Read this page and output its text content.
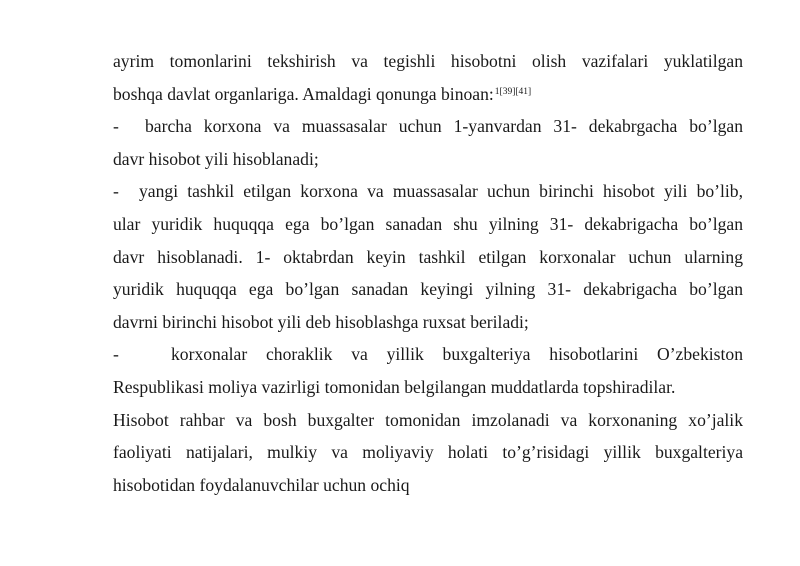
ayrim tomonlarini tekshirish va tegishli hisobotni olish vazifalari yuklatilgan
boshqa davlat organlariga. Amaldagi qonunga binoan:$^{1[39][41]}$
- barcha korxona va muassasalar uchun 1-yanvardan 31- dekabrgacha bo’lgan
davr hisobot yili hisoblanadi;
- yangi tashkil etilgan korxona va muassasalar uchun birinchi hisobot yili bo’lib,
ular yuridik huquqqa ega bo’lgan sanadan shu yilning 31- dekabrigacha bo’lgan
davr hisoblanadi. 1- oktabrdan keyin tashkil etilgan korxonalar uchun ularning
yuridik huquqqa ega bo’lgan sanadan keyingi yilning 31- dekabrigacha bo’lgan
davrni birinchi hisobot yili deb hisoblashga ruxsat beriladi;
-	korxonalar choraklik va yillik buxgalteriya hisobotlarini O’zbekiston
Respublikasi moliya vazirligi tomonidan belgilangan muddatlarda topshiradilar.
Hisobot rahbar va bosh buxgalter tomonidan imzolanadi va korxonaning xo’jalik
faoliyati natijalari, mulkiy va moliyaviy holati to’g’risidagi yillik buxgalteriya
hisobotidan foydalanuvchilar uchun ochiq
